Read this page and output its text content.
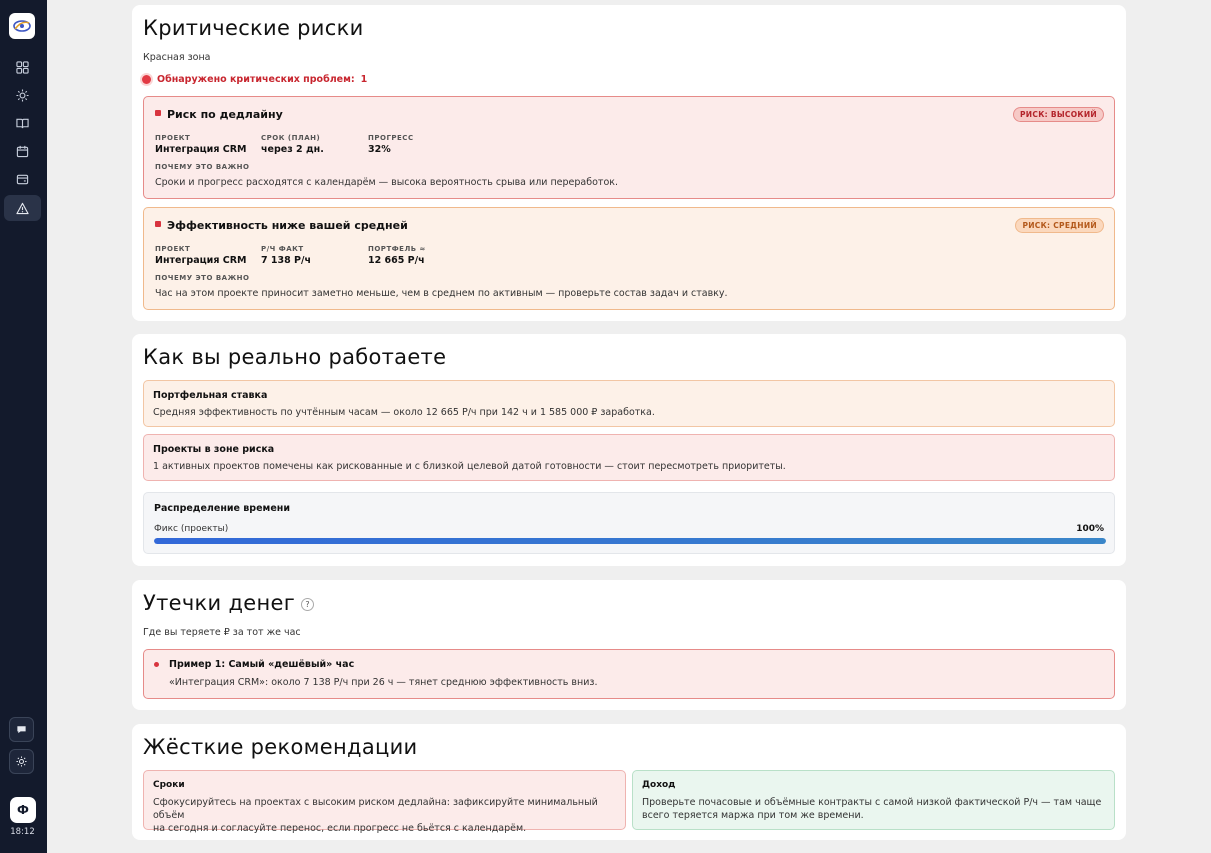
Ф
18:12
Критические риски
Красная зона
Обнаружено критических проблем: 1
Риск по дедлайну	РИСК: ВЫСОКИЙ
ПРОЕКТ
Интеграция CRM
СРОК (ПЛАН)
через 2 дн.
ПРОГРЕСС
32%
ПОЧЕМУ ЭТО ВАЖНО
Сроки и прогресс расходятся с календарём — высока вероятность срыва или переработок.
Эффективность ниже вашей средней	РИСК: СРЕДНИЙ
ПРОЕКТ
Интеграция CRM
Р/Ч ФАКТ
7 138 Р/ч
ПОРТФЕЛЬ ≈
12 665 Р/ч
ПОЧЕМУ ЭТО ВАЖНО
Час на этом проекте приносит заметно меньше, чем в среднем по активным — проверьте состав задач и ставку.
Как вы реально работаете
Портфельная ставка
Средняя эффективность по учтённым часам — около 12 665 Р/ч при 142 ч и 1 585 000 ₽ заработка.
Проекты в зоне риска
1 активных проектов помечены как рискованные и с близкой целевой датой готовности — стоит пересмотреть приоритеты.
Распределение времени
Фикс (проекты)	100%
Утечки денег ?
Где вы теряете ₽ за тот же час
Пример 1: Самый «дешёвый» час
«Интеграция CRM»: около 7 138 Р/ч при 26 ч — тянет среднюю эффективность вниз.
Жёсткие рекомендации
Сроки
Сфокусируйтесь на проектах с высоким риском дедлайна: зафиксируйте минимальный объём
на сегодня и согласуйте перенос, если прогресс не бьётся с календарём.
Доход
Проверьте почасовые и объёмные контракты с самой низкой фактической Р/ч — там чаще
всего теряется маржа при том же времени.
